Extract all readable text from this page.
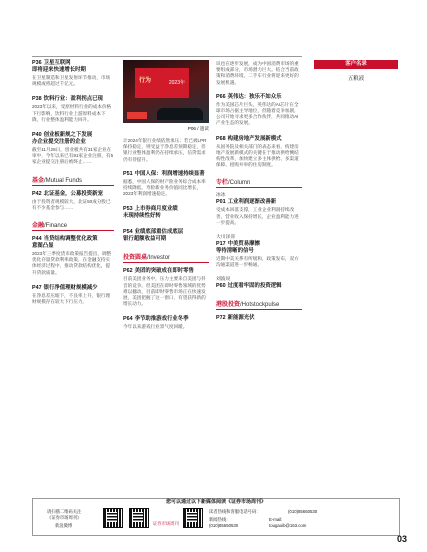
P36 卫星互联网
即将迎来快速增长时期
在卫星制造和卫星发射环节推动，市场规模或将超过千亿元。
P38 饮料行业：盈利拐点已现
2023年以来，受原材料行业的成本价格下行影响，饮料行业上游原料成本下降，行业整体盈利能力回升。
P40 创业板新规之下发展
办企业提交注册的企业
截至11月28日，创业板共有31家企业在审中，今年以来已有91家企业注册，有5家企业提交注册后被终止……
基金/Mutual Funds
P42 北证基金，公募投资新宠
由于投资者规模较大，北证50成分股已有不少基金参与……
金融/Finance
P44 当贷结构调整优化政策
意图凸显
2023年三季度货币政策报告提出，调整优化存量贷款利率政策，在金融支持实体经济过程中，推动贷款结构优化，提升贷款质量。
P47 银行净值理财规模减少
在净息差压缩下，不良率上升，银行理财规模存在较大下行压力。
行为	2023年
P06 / 遗读
计2024年银行业绩依然承压；若已被LPR保持稳定，则受益于净息差预期稳定，但银行业整体盈利仍在持续承压，信贷需求仍有待提升。
P51 中国人保：利润增速持续显著
据悉，中国人保的财产险业务综合成本率持续降低，寿险新业务价值同比增长，2023年利润增速稳定。
P53 上市券商月度业绩
未现持续性好转
P54 业绩底部重估成底层
银行超额收益可期
投资圆桌/Investor
P62 美团的突破成在即时零售
目前美团业务中，压力主要来自美团与抖音的竞争。但美团在即时零售领域的优势难以撼动，目前即时零售市场正在快速发展，美团把握了这一窗口，有望获得新的增长动力。
P64 李节助推游戏行业冬季
今年以来游戏行业景气度回暖。
识也在逐步发展，成为中国消费市场的重要组成部分，市场潜力巨大。结合当前政策和消费环境，二手车行业将迎来更好的发展机遇。
P66 英伟达：独乐不如众乐
作为美国芯片巨头，英伟达的AI芯片在全球市场占据主导地位，但随着竞争加剧，公司开始寻求更多合作伙伴，共同推动AI产业生态的发展。
P68 构建房地产发展新模式
从国务院及相关部门的表态来看，构建房地产发展新模式的关键在于推动供给侧结构性改革，加快建立多主体供给、多渠道保障、租购并举的住房制度。
专栏/Column
冰冰
P01 工业利润逐渐改善新
受成本回落支撑，工业企业利润持续改善，营业收入保持增长，企业盈利能力进一步提高。
大川泽哥
P17 中美贸易摩擦
等待清晰的信号
近期中美关系有所缓和，政策发布，双方沟通渠道进一步畅通。
刘波说
P60 过度看牢固的投资逻辑
港股投资/Hotstockpulse
P72 新能源光伏
客户名录
五粮液
您可以通过以下新媒体阅读《证券市场周刊》
请扫描二维码关注
《证券市场周刊》
新浪微博	证券市场周刊
读者热线和客服电话号码：	(010)85650530
新闻热线：
(010)85650530
E-mail:
tougaoib@163.com
03
